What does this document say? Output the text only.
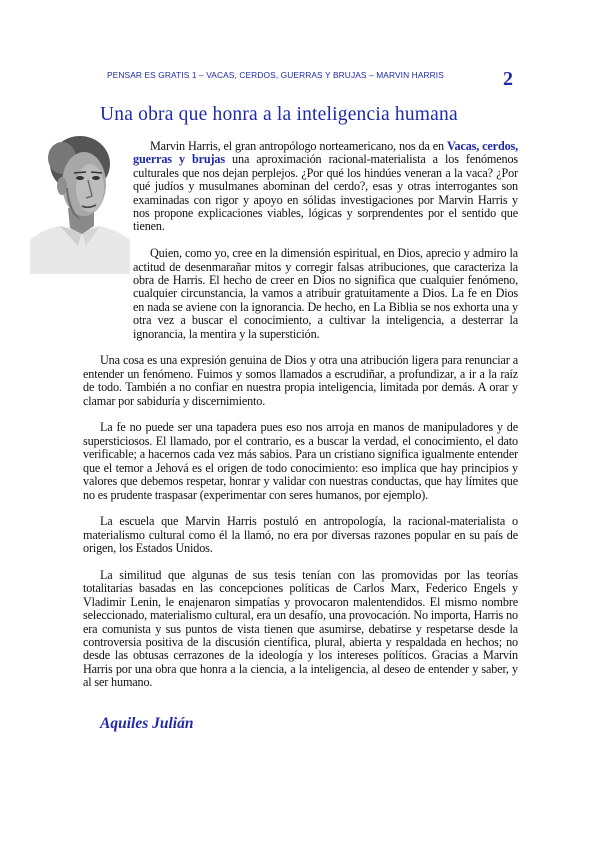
PENSAR ES GRATIS 1 – VACAS, CERDOS, GUERRAS Y BRUJAS – MARVIN HARRIS	2
Una obra que honra a la inteligencia humana

Marvin Harris, el gran antropólogo norteamericano, nos da en Vacas, cerdos, guerras y brujas una aproximación racional-materialista a los fenómenos culturales que nos dejan perplejos. ¿Por qué los hindúes veneran a la vaca? ¿Por qué judíos y musulmanes abominan del cerdo?, esas y otras interrogantes son examinadas con rigor y apoyo en sólidas investigaciones por Marvin Harris y nos propone explicaciones viables, lógicas y sorprendentes por el sentido que tienen.

Quien, como yo, cree en la dimensión espiritual, en Dios, aprecio y admiro la actitud de desenmarañar mitos y corregir falsas atribuciones, que caracteriza la obra de Harris. El hecho de creer en Dios no significa que cualquier fenómeno, cualquier circunstancia, la vamos a atribuir gratuitamente a Dios. La fe en Dios en nada se aviene con la ignorancia. De hecho, en La Biblia se nos exhorta una y otra vez a buscar el conocimiento, a cultivar la inteligencia, a desterrar la ignorancia, la mentira y la superstición.

Una cosa es una expresión genuina de Dios y otra una atribución ligera para renunciar a entender un fenómeno. Fuimos y somos llamados a escrudiñar, a profundizar, a ir a la raíz de todo. También a no confiar en nuestra propia inteligencia, limitada por demás. A orar y clamar por sabiduría y discernimiento.

La fe no puede ser una tapadera pues eso nos arroja en manos de manipuladores y de supersticiosos. El llamado, por el contrario, es a buscar la verdad, el conocimiento, el dato verificable; a hacernos cada vez más sabios. Para un cristiano significa igualmente entender que el temor a Jehová es el origen de todo conocimiento: eso implica que hay principios y valores que debemos respetar, honrar y validar con nuestras conductas, que hay límites que no es prudente traspasar (experimentar con seres humanos, por ejemplo).

La escuela que Marvin Harris postuló en antropología, la racional-materialista o materialismo cultural como él la llamó, no era por diversas razones popular en su país de origen, los Estados Unidos.

La similitud que algunas de sus tesis tenían con las promovidas por las teorías totalitarias basadas en las concepciones políticas de Carlos Marx, Federico Engels y Vladimir Lenin, le enajenaron simpatías y provocaron malentendidos. El mismo nombre seleccionado, materialismo cultural, era un desafío, una provocación. No importa, Harris no era comunista y sus puntos de vista tienen que asumirse, debatirse y respetarse desde la controversia positiva de la discusión científica, plural, abierta y respaldada en hechos; no desde las obtusas cerrazones de la ideología y los intereses políticos. Gracias a Marvin Harris por una obra que honra a la ciencia, a la inteligencia, al deseo de entender y saber, y al ser humano.

Aquiles Julián
